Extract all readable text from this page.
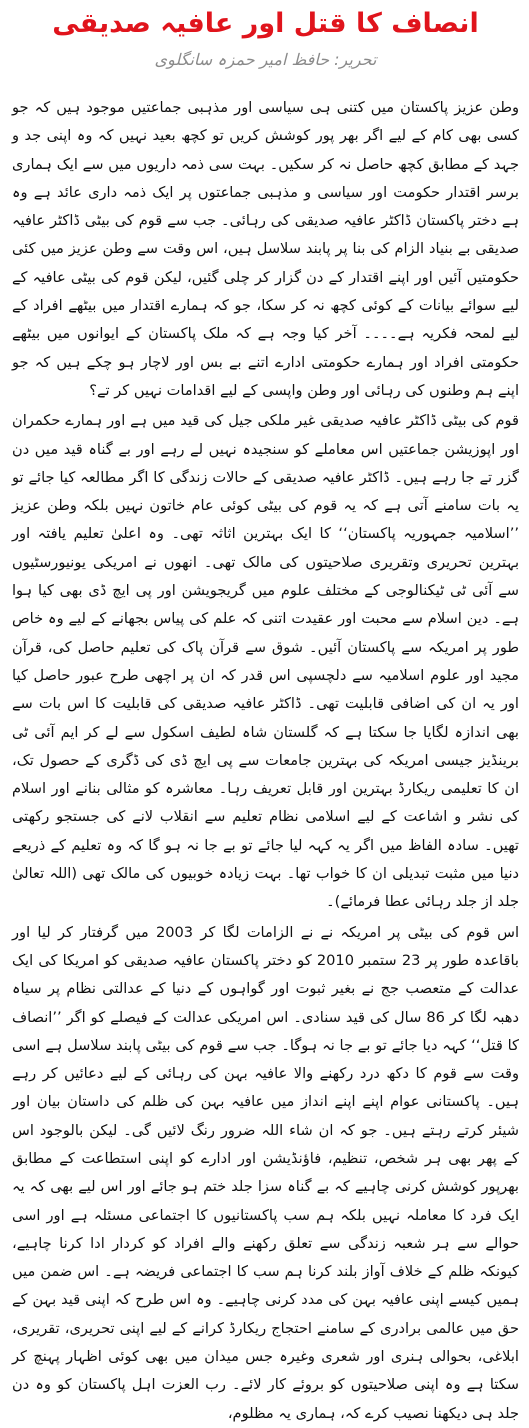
انصاف کا قتل اور عافیہ صدیقی
تحریر: حافظ امیر حمزہ سانگلوی

وطن عزیز پاکستان میں کتنی ہی سیاسی اور مذہبی جماعتیں موجود ہیں کہ جو کسی بھی کام کے لیے اگر بھر پور کوشش کریں تو کچھ بعید نہیں کہ وہ اپنی جد و جہد کے مطابق کچھ حاصل نہ کر سکیں۔ بہت سی ذمہ داریوں میں سے ایک ہماری برسر اقتدار حکومت اور سیاسی و مذہبی جماعتوں پر ایک ذمہ داری عائد ہے وہ ہے دختر پاکستان ڈاکٹر عافیہ صدیقی کی رہائی۔ جب سے قوم کی بیٹی ڈاکٹر عافیہ صدیقی بے بنیاد الزام کی بنا پر پابند سلاسل ہیں، اس وقت سے وطن عزیز میں کئی حکومتیں آئیں اور اپنے اقتدار کے دن گزار کر چلی گئیں، لیکن قوم کی بیٹی عافیہ کے لیے سوائے بیانات کے کوئی کچھ نہ کر سکا، جو کہ ہمارے اقتدار میں بیٹھے افراد کے لیے لمحہ فکریہ ہے۔۔۔۔ آخر کیا وجہ ہے کہ ملک پاکستان کے ایوانوں میں بیٹھے حکومتی افراد اور ہمارے حکومتی ادارے اتنے بے بس اور لاچار ہو چکے ہیں کہ جو اپنے ہم وطنوں کی رہائی اور وطن واپسی کے لیے اقدامات نہیں کر تے؟

قوم کی بیٹی ڈاکٹر عافیہ صدیقی غیر ملکی جیل کی قید میں ہے اور ہمارے حکمران اور اپوزیشن جماعتیں اس معاملے کو سنجیدہ نہیں لے رہے اور بے گناہ قید میں دن گزر تے جا رہے ہیں۔ ڈاکٹر عافیہ صدیقی کے حالات زندگی کا اگر مطالعہ کیا جائے تو یہ بات سامنے آتی ہے کہ یہ قوم کی بیٹی کوئی عام خاتون نہیں بلکہ وطن عزیز ’’اسلامیہ جمہوریہ پاکستان‘‘ کا ایک بہترین اثاثہ تھی۔ وہ اعلیٰ تعلیم یافتہ اور بہترین تحریری وتقریری صلاحیتوں کی مالک تھی۔ انھوں نے امریکی یونیورسٹیوں سے آئی ٹی ٹیکنالوجی کے مختلف علوم میں گریجویشن اور پی ایچ ڈی بھی کیا ہوا ہے۔ دین اسلام سے محبت اور عقیدت اتنی کہ علم کی پیاس بجھانے کے لیے وہ خاص طور پر امریکہ سے پاکستان آئیں۔ شوق سے قرآن پاک کی تعلیم حاصل کی، قرآن مجید اور علوم اسلامیہ سے دلچسپی اس قدر کہ ان پر اچھی طرح عبور حاصل کیا اور یہ ان کی اضافی قابلیت تھی۔ ڈاکٹر عافیہ صدیقی کی قابلیت کا اس بات سے بھی اندازہ لگایا جا سکتا ہے کہ گلستان شاہ لطیف اسکول سے لے کر ایم آئی ٹی برینڈیز جیسی امریکہ کی بہترین جامعات سے پی ایچ ڈی کی ڈگری کے حصول تک، ان کا تعلیمی ریکارڈ بہترین اور قابل تعریف رہا۔ معاشرہ کو مثالی بنانے اور اسلام کی نشر و اشاعت کے لیے اسلامی نظام تعلیم سے انقلاب لانے کی جستجو رکھتی تھیں۔ سادہ الفاظ میں اگر یہ کہہ لیا جائے تو بے جا نہ ہو گا کہ وہ تعلیم کے ذریعے دنیا میں مثبت تبدیلی ان کا خواب تھا۔ بہت زیادہ خوبیوں کی مالک تھی (اللہ تعالیٰ جلد از جلد رہائی عطا فرمائے)۔

اس قوم کی بیٹی پر امریکہ نے نے الزامات لگا کر 2003 میں گرفتار کر لیا اور باقاعدہ طور پر 23 ستمبر 2010 کو دختر پاکستان عافیہ صدیقی کو امریکا کی ایک عدالت کے متعصب جج نے بغیر ثبوت اور گواہوں کے دنیا کے عدالتی نظام پر سیاہ دھبہ لگا کر 86 سال کی قید سنادی۔ اس امریکی عدالت کے فیصلے کو اگر ’’انصاف کا قتل‘‘ کہہ دیا جائے تو بے جا نہ ہوگا۔ جب سے قوم کی بیٹی پابند سلاسل ہے اسی وقت سے قوم کا دکھ درد رکھنے والا عافیہ بہن کی رہائی کے لیے دعائیں کر رہے ہیں۔ پاکستانی عوام اپنے اپنے انداز میں عافیہ بہن کی ظلم کی داستان بیان اور شیئر کرتے رہتے ہیں۔ جو کہ ان شاء اللہ ضرور رنگ لائیں گی۔ لیکن بالوجود اس کے پھر بھی ہر شخص، تنظیم، فاؤنڈیشن اور ادارے کو اپنی استطاعت کے مطابق بھرپور کوشش کرنی چاہیے کہ بے گناہ سزا جلد ختم ہو جائے اور اس لیے بھی کہ یہ ایک فرد کا معاملہ نہیں بلکہ ہم سب پاکستانیوں کا اجتماعی مسئلہ ہے اور اسی حوالے سے ہر شعبہ زندگی سے تعلق رکھنے والے افراد کو کردار ادا کرنا چاہیے، کیونکہ ظلم کے خلاف آواز بلند کرنا ہم سب کا اجتماعی فریضہ ہے۔ اس ضمن میں ہمیں کیسے اپنی عافیہ بہن کی مدد کرنی چاہیے۔ وہ اس طرح کہ اپنی قید بہن کے حق میں عالمی برادری کے سامنے احتجاج ریکارڈ کرانے کے لیے اپنی تحریری، تقریری، ابلاغی، بحوالی ہنری اور شعری وغیرہ جس میدان میں بھی کوئی اظہار پہنچ کر سکتا ہے وہ اپنی صلاحیتوں کو بروئے کار لائے۔ رب العزت اہل پاکستان کو وہ دن جلد ہی دیکھنا نصیب کرے کہ، ہماری یہ مظلوم،
